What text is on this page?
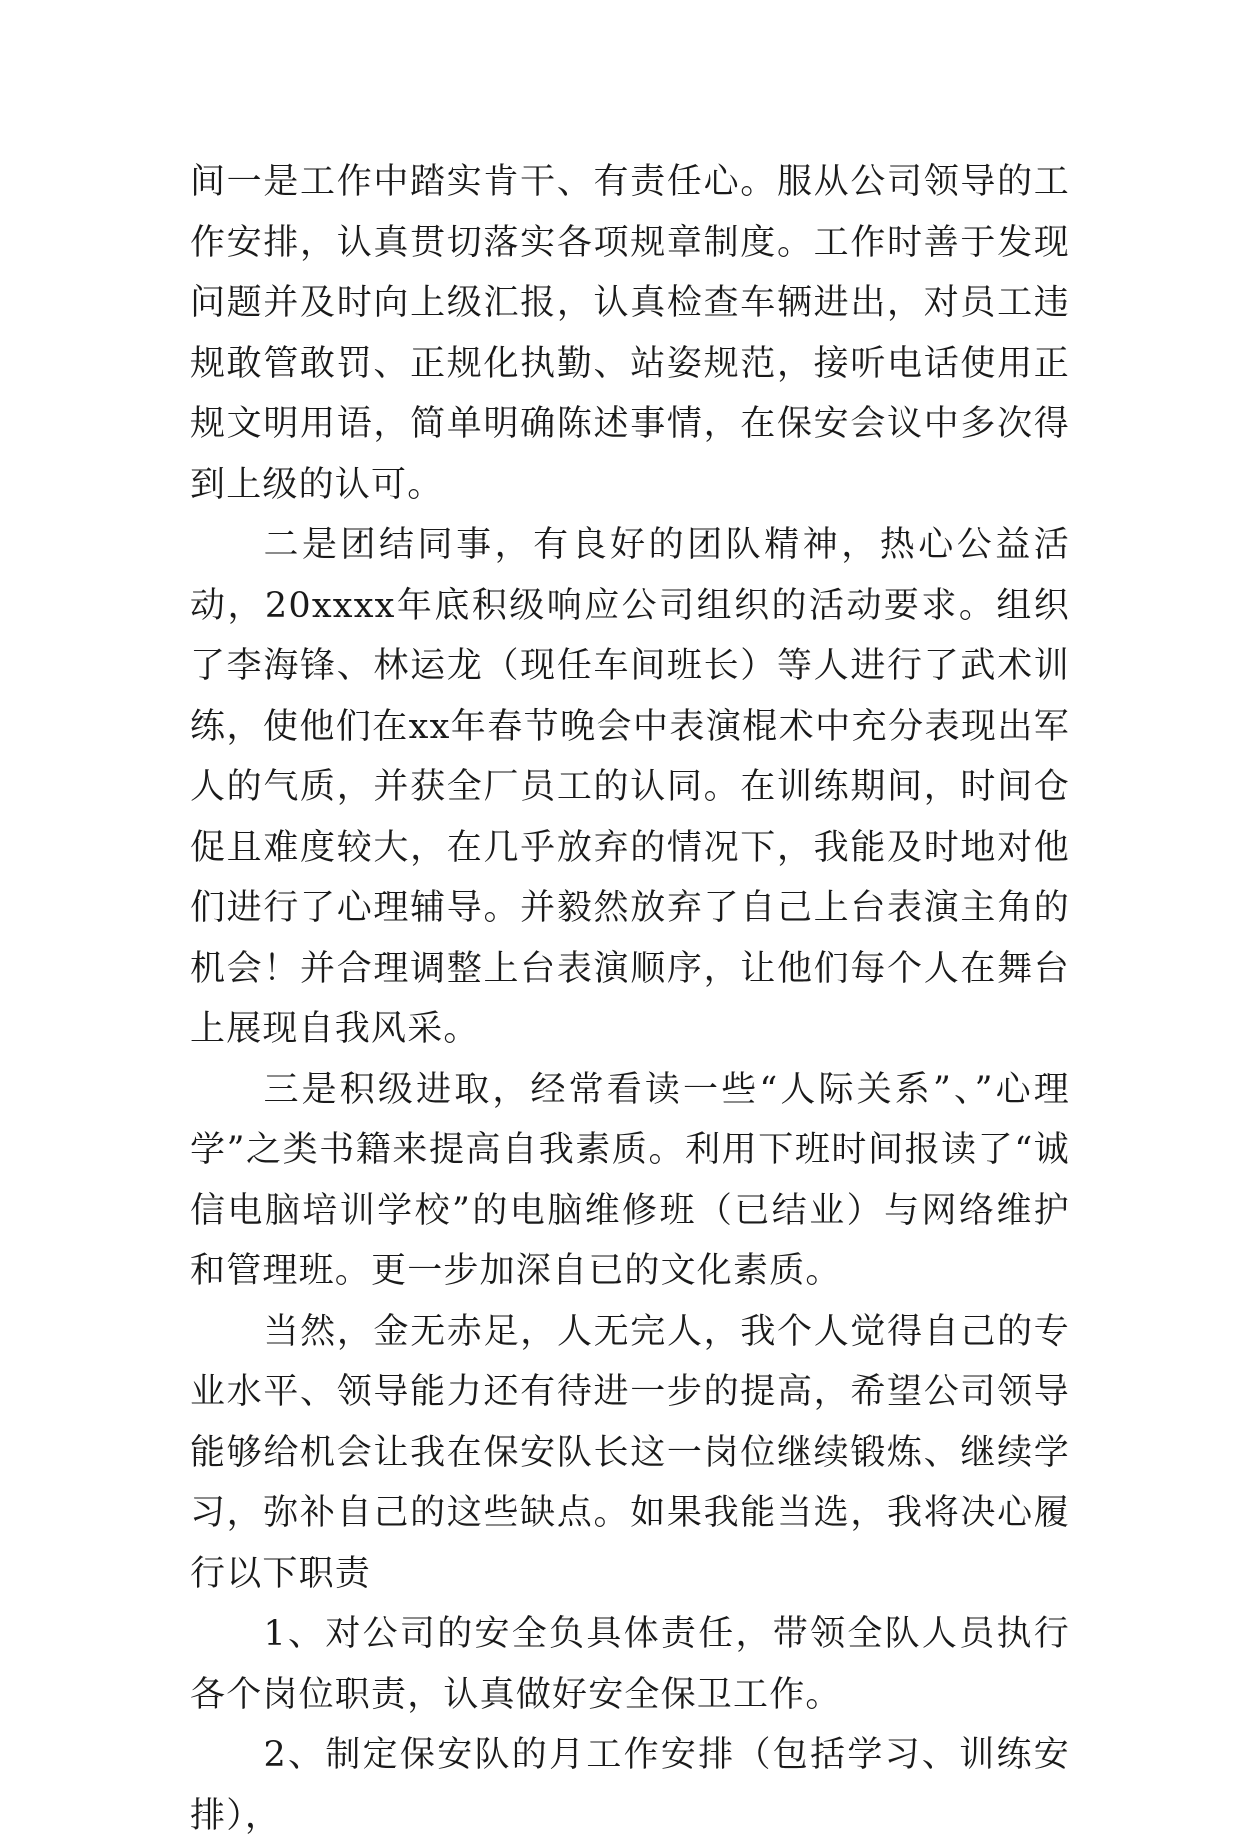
间一是工作中踏实肯干、有责任心。服从公司领导的工作安排，认真贯切落实各项规章制度。工作时善于发现问题并及时向上级汇报，认真检查车辆进出，对员工违规敢管敢罚、正规化执勤、站姿规范，接听电话使用正规文明用语，简单明确陈述事情，在保安会议中多次得到上级的认可。

二是团结同事，有良好的团队精神，热心公益活动，20xxxx年底积级响应公司组织的活动要求。组织了李海锋、林运龙（现任车间班长）等人进行了武术训练，使他们在xx年春节晚会中表演棍术中充分表现出军人的气质，并获全厂员工的认同。在训练期间，时间仓促且难度较大，在几乎放弃的情况下，我能及时地对他们进行了心理辅导。并毅然放弃了自己上台表演主角的机会！并合理调整上台表演顺序，让他们每个人在舞台上展现自我风采。

三是积级进取，经常看读一些“人际关系”、”心理学”之类书籍来提高自我素质。利用下班时间报读了“诚信电脑培训学校”的电脑维修班（已结业）与网络维护和管理班。更一步加深自已的文化素质。

当然，金无赤足，人无完人，我个人觉得自己的专业水平、领导能力还有待进一步的提高，希望公司领导能够给机会让我在保安队长这一岗位继续锻炼、继续学习，弥补自己的这些缺点。如果我能当选，我将决心履行以下职责

1、对公司的安全负具体责任，带领全队人员执行各个岗位职责，认真做好安全保卫工作。

2、制定保安队的月工作安排（包括学习、训练安排），
